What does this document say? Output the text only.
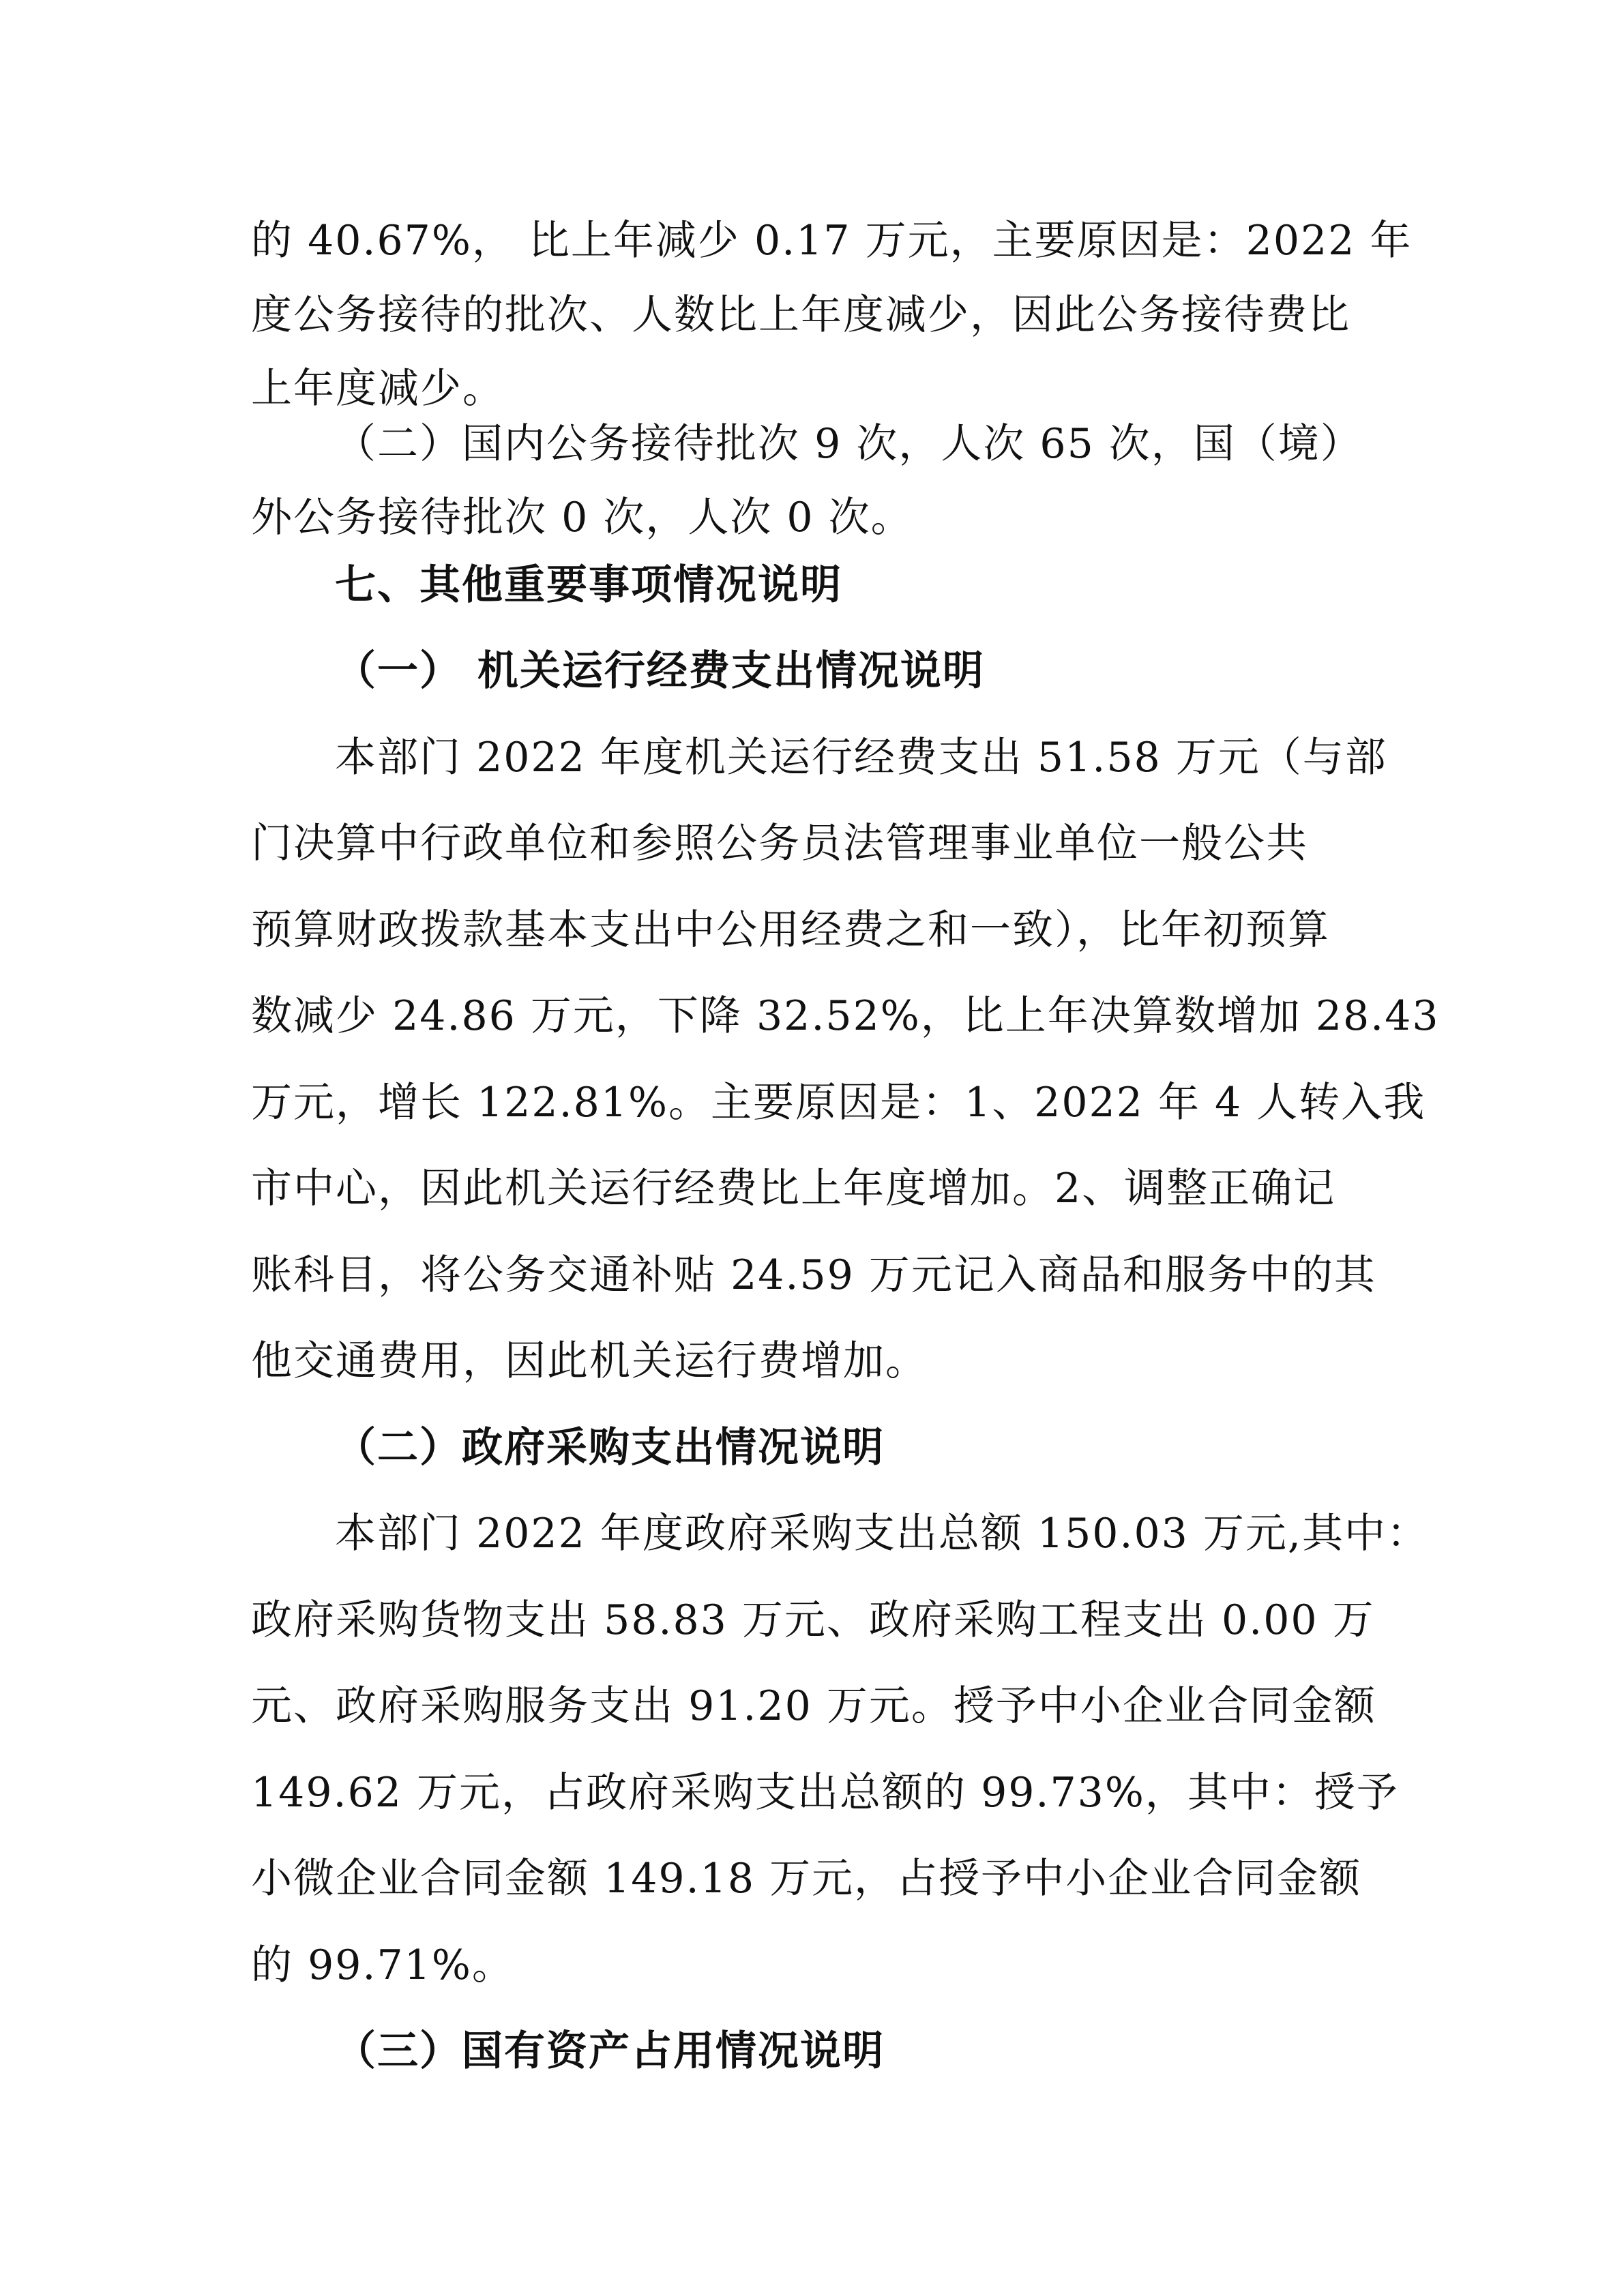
的 40.67%， 比上年减少 0.17 万元，主要原因是：2022 年
度公务接待的批次、人数比上年度减少，因此公务接待费比
上年度减少。
（二）国内公务接待批次 9 次，人次 65 次，国（境）
外公务接待批次 0 次，人次 0 次。
七、其他重要事项情况说明
（一） 机关运行经费支出情况说明
本部门 2022 年度机关运行经费支出 51.58 万元（与部
门决算中行政单位和参照公务员法管理事业单位一般公共
预算财政拨款基本支出中公用经费之和一致），比年初预算
数减少 24.86 万元，下降 32.52%，比上年决算数增加 28.43
万元，增长 122.81%。主要原因是：1、2022 年 4 人转入我
市中心，因此机关运行经费比上年度增加。2、调整正确记
账科目，将公务交通补贴 24.59 万元记入商品和服务中的其
他交通费用，因此机关运行费增加。
（二）政府采购支出情况说明
本部门 2022 年度政府采购支出总额 150.03 万元,其中：
政府采购货物支出 58.83 万元、政府采购工程支出 0.00 万
元、政府采购服务支出 91.20 万元。授予中小企业合同金额
149.62 万元，占政府采购支出总额的 99.73%，其中：授予
小微企业合同金额 149.18 万元，占授予中小企业合同金额
的 99.71%。
（三）国有资产占用情况说明
